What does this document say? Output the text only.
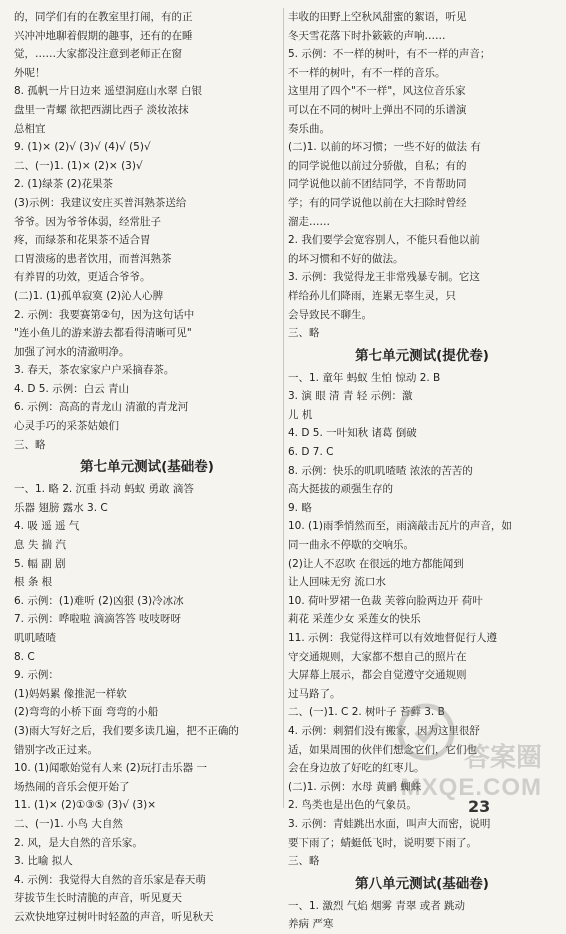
的，同学们有的在教室里打闹，有的正
兴冲冲地聊着假期的趣事，还有的在睡
觉，……大家都没注意到老师正在窗
外呢！
8. 孤帆一片日边来 遥望洞庭山水翠 白银
盘里一青螺 欲把西湖比西子 淡妆浓抹
总相宜
9. (1)× (2)√ (3)√ (4)√ (5)√
二、(一)1. (1)× (2)× (3)√
2. (1)绿茶 (2)花果茶
(3)示例：我建议安庄买普洱熟茶送给
爷爷。因为爷爷体弱，经常肚子
疼，而绿茶和花果茶不适合胃
口胃溃疡的患者饮用，而普洱熟茶
有养胃的功效，更适合爷爷。
(二)1. (1)孤单寂寞 (2)沁人心脾
2. 示例：我要赛第②句，因为这句话中
"连小鱼儿的游来游去都看得清晰可见"
加强了河水的清澈明净。
3. 春天，茶农家家户户采摘春茶。
4. D 5. 示例：白云 青山
6. 示例：高高的青龙山 清澈的青龙河
心灵手巧的采茶姑娘们
三、略
第七单元测试(基础卷)
一、1. 略 2. 沉重 抖动 蚂蚁 勇敢 滴答
乐器 翅膀 露水 3. C
4. 吸 遥 遥 气
息 失 揣 汽
5. 幅 副 剧
根 条 根
6. 示例：(1)难听 (2)凶狠 (3)冷冰冰
7. 示例：哗啦啦 滴滴答答 吱吱呀呀
叽叽喳喳
8. C
9. 示例：
(1)妈妈累 像推泥一样软
(2)弯弯的小桥下面 弯弯的小船
(3)雨大写好之后，我们要多读几遍，把不正确的
错别字改正过来。
10. (1)闻歌始觉有人来 (2)玩打击乐器 一
场热闹的音乐会便开始了
11. (1)× (2)①③⑤ (3)√ (3)×
二、(一)1. 小鸟 大自然
2. 风，是大自然的音乐家。
3. 比喻 拟人
4. 示例：我觉得大自然的音乐家是春天萌
芽拔节生长时清脆的声音，听见夏天
云欢快地穿过树叶时轻盈的声音，听见秋天
丰收的田野上空秋风甜蜜的絮语，听见
冬天雪花落下时扑簌簌的声响……
5. 示例：不一样的树叶，有不一样的声音；
不一样的树叶，有不一样的音乐。
这里用了四个"不一样"，风这位音乐家
可以在不同的树叶上弹出不同的乐谱演
奏乐曲。
(二)1. 以前的坏习惯；一些不好的做法 有
的同学说他以前过分骄傲，自私；有的
同学说他以前不团结同学，不肯帮助同
学；有的同学说他以前在大扫除时曾经
溜走……
2. 我们要学会宽容别人，不能只看他以前
的坏习惯和不好的做法。
3. 示例：我觉得龙王非常残暴专制。它这
样给孙儿们降雨，连累无辜生灵，只
会导致民不聊生。
三、略
第七单元测试(提优卷)
一、1. 童年 蚂蚁 生怕 惊动 2. B
3. 演 眼 清 青 轻 示例：激
儿 机
4. D 5. 一叶知秋 诸葛 倒破
6. D 7. C
8. 示例：快乐的叽叽喳喳 浓浓的苦苦的
高大挺拔的顽强生存的
9. 略
10. (1)雨季悄然而至，雨滴敲击瓦片的声音，如
同一曲永不停歇的交响乐。
(2)让人不忍吹 在很远的地方都能闻到
让人回味无穷 流口水
10. 荷叶罗裙一色裁 芙蓉向脸两边开 荷叶
莉花 采莲少女 采莲女的快乐
11. 示例：我觉得这样可以有效地督促行人遵
守交通规则，大家都不想自己的照片在
大屏幕上展示，都会自觉遵守交通规则
过马路了。
二、(一)1. C 2. 树叶子 苔藓 3. B
4. 示例：刺猬们没有搬家，因为这里很舒
适，如果周围的伙伴们想念它们，它们也
会在身边放了好吃的红枣儿。
(二)1. 示例：水母 黄鹂 蜘蛛
2. 鸟类也是出色的气象员。
3. 示例：青蛙跳出水面，叫声大而密，说明
要下雨了；蜻蜓低飞时，说明要下雨了。
三、略
第八单元测试(基础卷)
一、1. 激烈 气焰 烟雾 青翠 或者 跳动
养病 严寒
23
答案圈
MXQE.COM
